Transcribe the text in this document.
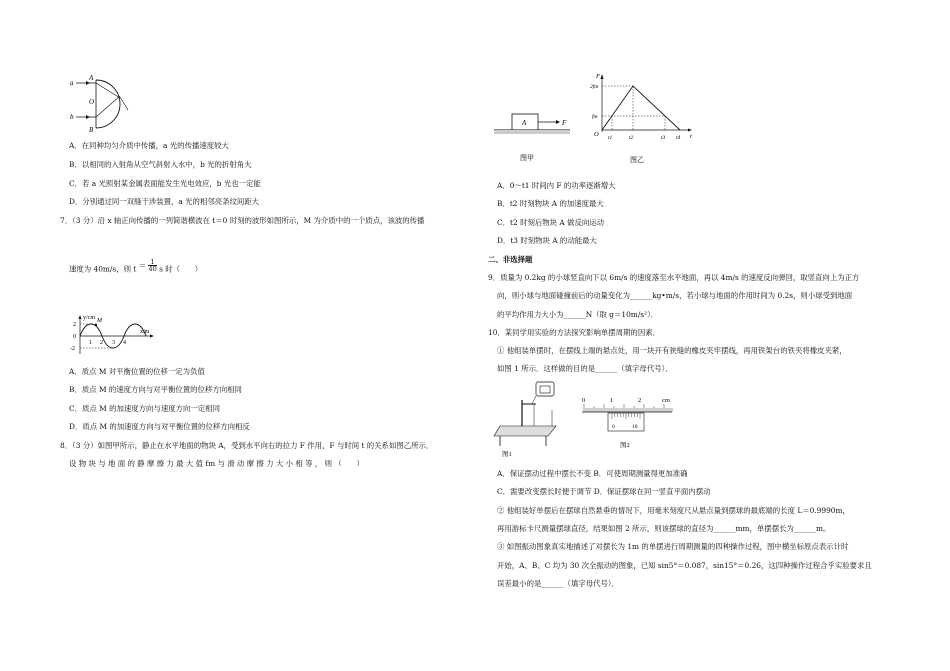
a
b
A
O
B
A．在同种均匀介质中传播，a 光的传播速度较大
B．以相同的入射角从空气斜射入水中，b 光的折射角大
C．若 a 光照射某金属表面能发生光电效应，b 光也一定能
D．分别通过同一双缝干涉装置，a 光的相邻亮条纹间距大
7．（3 分）沿 x 轴正向传播的一列简谐横波在 t＝0 时刻的波形如图所示，M 为介质中的一个质点，该波的传播
速度为 40m/s，则 $t = \frac{1}{40}$ s 时（　　）
y/cm
x/m
M
2
0
-2
1 2 3 4
A．质点 M 对平衡位置的位移一定为负值
B．质点 M 的速度方向与对平衡位置的位移方向相同
C．质点 M 的加速度方向与速度方向一定相同
D．质点 M 的加速度方向与对平衡位置的位移方向相反
8．（3 分）如图甲所示，静止在水平地面的物块 A，受到水平向右的拉力 F 作用，F 与时间 t 的关系如图乙所示．
设 物 块 与 地 面 的 静 摩 擦 力 最 大 值 fm 与 滑 动 摩 擦 力 大 小 相 等 ， 则 （　　）
A	F
图甲
F
t
O
2fm
fm
t1	t2	t3 t4
图乙
A．0～t1 时间内 F 的功率逐渐增大
B．t2 时刻物块 A 的加速度最大
C．t2 时刻后物块 A 做反向运动
D．t3 时刻物块 A 的动能最大
二、非选择题
9．质量为 0.2kg 的小球竖直向下以 6m/s 的速度落至水平地面，再以 4m/s 的速度反向弹回，取竖直向上为正方
向，则小球与地面碰撞前后的动量变化为______kg•m/s，若小球与地面的作用时间为 0.2s，则小球受到地面
的平均作用力大小为______N（取 g＝10m/s²）．
10．某同学用实验的方法探究影响单摆周期的因素．
① 他组装单摆时，在摆线上端的悬点处，用一块开有狭缝的橡皮夹牢摆线，再用铁架台的铁夹将橡皮夹紧，
如图 1 所示．这样做的目的是______（填字母代号）．
图1
0	1	2	cm
0	10
图2
A．保证摆动过程中摆长不变 B．可使周期测量得更加准确
C．需要改变摆长时便于调节 D．保证摆球在同一竖直平面内摆动
② 他组装好单摆后在摆球自然悬垂的情况下，用毫米刻度尺从悬点量到摆球的最底端的长度 L＝0.9990m，
再用游标卡尺测量摆球直径，结果如图 2 所示，则该摆球的直径为______mm，单摆摆长为______m。
③ 如图振动图象真实地描述了对摆长为 1m 的单摆进行周期测量的四种操作过程，图中横坐标原点表示计时
开始，A、B、C 均为 30 次全振动的图象，已知 sin5°＝0.087，sin15°＝0.26，这四种操作过程合乎实验要求且
误差最小的是______（填字母代号）．
